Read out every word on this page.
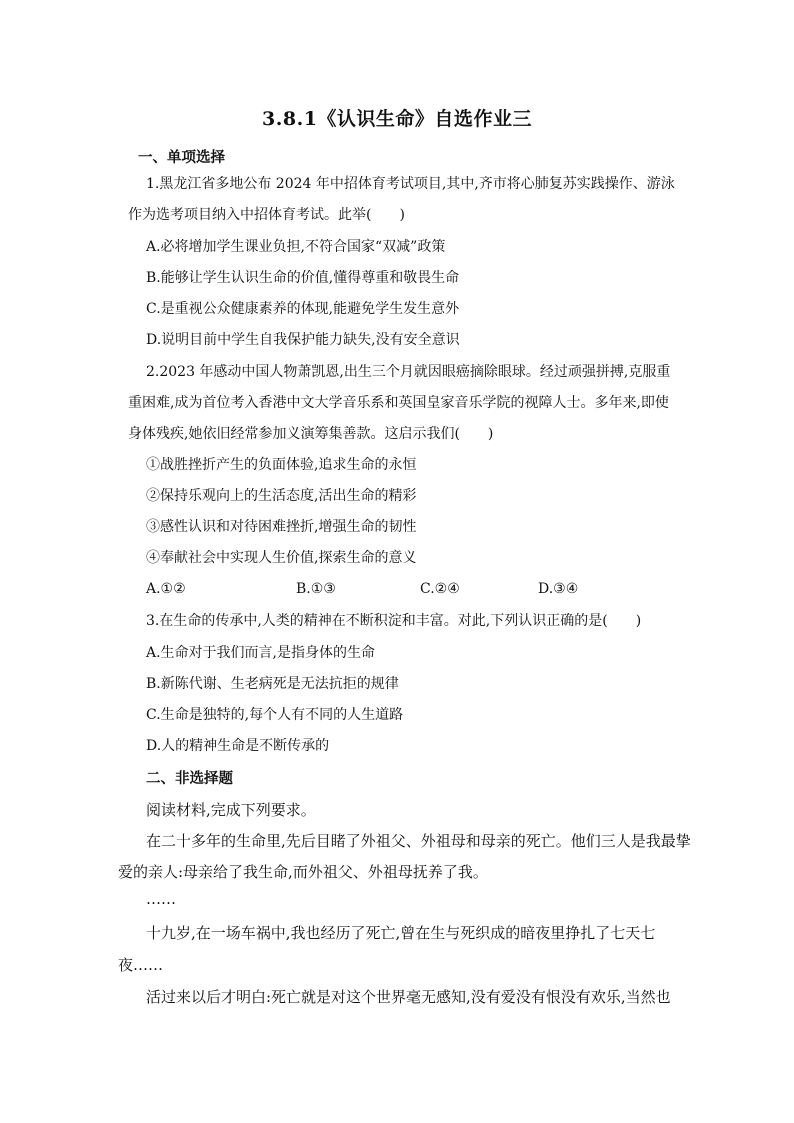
3.8.1《认识生命》自选作业三
一、单项选择
1.黑龙江省多地公布 2024 年中招体育考试项目,其中,齐市将心肺复苏实践操作、游泳
作为选考项目纳入中招体育考试。此举(　　)
A.必将增加学生课业负担,不符合国家“双减”政策
B.能够让学生认识生命的价值,懂得尊重和敬畏生命
C.是重视公众健康素养的体现,能避免学生发生意外
D.说明目前中学生自我保护能力缺失,没有安全意识
2.2023 年感动中国人物萧凯恩,出生三个月就因眼癌摘除眼球。经过顽强拼搏,克服重
重困难,成为首位考入香港中文大学音乐系和英国皇家音乐学院的视障人士。多年来,即使
身体残疾,她依旧经常参加义演筹集善款。这启示我们(　　)
①战胜挫折产生的负面体验,追求生命的永恒
②保持乐观向上的生活态度,活出生命的精彩
③感性认识和对待困难挫折,增强生命的韧性
④奉献社会中实现人生价值,探索生命的意义
A.①②	B.①③	C.②④	D.③④
3.在生命的传承中,人类的精神在不断积淀和丰富。对此,下列认识正确的是(　　)
A.生命对于我们而言,是指身体的生命
B.新陈代谢、生老病死是无法抗拒的规律
C.生命是独特的,每个人有不同的人生道路
D.人的精神生命是不断传承的
二、非选择题
阅读材料,完成下列要求。
在二十多年的生命里,先后目睹了外祖父、外祖母和母亲的死亡。他们三人是我最挚
爱的亲人:母亲给了我生命,而外祖父、外祖母抚养了我。
……
十九岁,在一场车祸中,我也经历了死亡,曾在生与死织成的暗夜里挣扎了七天七
夜……
活过来以后才明白:死亡就是对这个世界毫无感知,没有爱没有恨没有欢乐,当然也
